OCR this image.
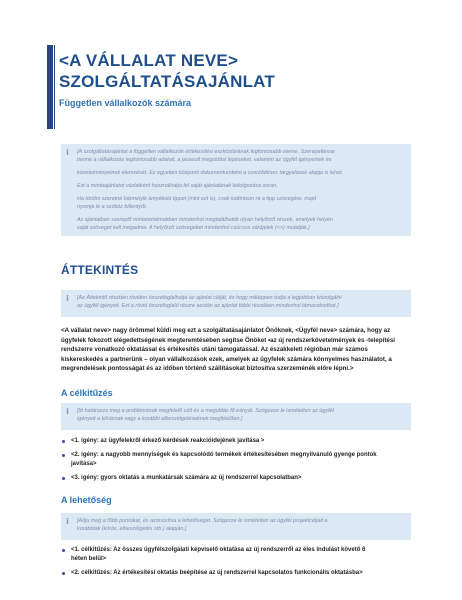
<A VÁLLALAT NEVE>
SZOLGÁLTATÁSAJÁNLAT
Független vállalkozók számára
i	[A szolgáltatásajánlat a független vállalkozók értékesítési eszköztárának legfontosabb eleme. Szerepeltesse

benne a vállalkozás legfontosabb adatait, a javasolt megoldási lépéseket, valamint az ügyfél igényeinek és

követelményeinek elemzését. Ez egyetlen központi dokumentumként a szerződéses tárgyalások alapja is lehet.

Ezt a mintaajánlatot vázlatként használhatja fel saját ajánlatának kidolgozása során.

Ha törölni szeretné bármelyik ámyékoló tippet (mint ezt is), csak kattintson rá a tipp szövegére, majd

nyomja le a szóköz billentyűt.

Az ajánlatban szereplő mintatartalmakban mindenhol megtalálhatók olyan helyőrző részek, amelyek helyén

saját szöveget kell megadnia. A helyőrző szövegeket mindenhol csúcsos zárójelek (<>) mutatják.]

ÁTTEKINTÉS
i	[Az Áttekintő részben röviden összefoglalhatja az ajánlat célját, és hogy miképpen tudja a legjobban kiszolgálni

az ügyfél igényeit. Ezt a rövid összefoglaló részre azután az ajánlat többi részében mindenhol támaszkodhat.]

<A vállalat neve> nagy örömmel küldi meg ezt a szolgáltatásajánlatot Önöknek, <Ügyfél neve> számára, hogy az
ügyfelek fokozott elégedettségének megteremtésében segítse Önöket •az új rendszerkövetelmények és -telepítési
rendszerre vonatkozó oktatással és értékesítés utáni támogatással. Az északkeleti régióban már számos
kiskereskedés a partnerünk – olyan vállalkozások ezek, amelyek az ügyfelek számára könnyelmes használatot, a
megrendelések pontosságát és az időben történő szállításokat biztosítva szerzeménék előre lépni.>
A célkitűzés
i	[Itt határozza meg a problémának megfelelő célt és a megoldás fő irányát. Szögezze le ismételten az ügyfél

igényeit a kiírásnak vagy a korábbi elbeszélgetéseknek megfelelően.]

<1. igény: az ügyfelekről érkező kérdések reakcióidejének javítása >
<2. igény: a nagyobb mennyiségek és kapcsolódó termékek értékesítésében megnyilvánuló gyenge pontok
javítása>
<3. igény: gyors oktatás a munkatársak számára az új rendszerrel kapcsolatban>
A lehetőség
i	[Adja meg a főbb pontokat, és azonosítsa a lehetőséget. Szögezze le ismételten az ügyfél projektcéljait a

korábbiak (kiírás, elbeszélgetés stb.) alapján.]

<1. célkitűzés: Az összes ügyfélszolgálati képviselő oktatása az új rendszerről az éles indulást követő 6
héten belül>
<2. célkitűzés: Az értékesítési oktatás beépítése az új rendszerrel kapcsolatos funkcionális oktatásba>
